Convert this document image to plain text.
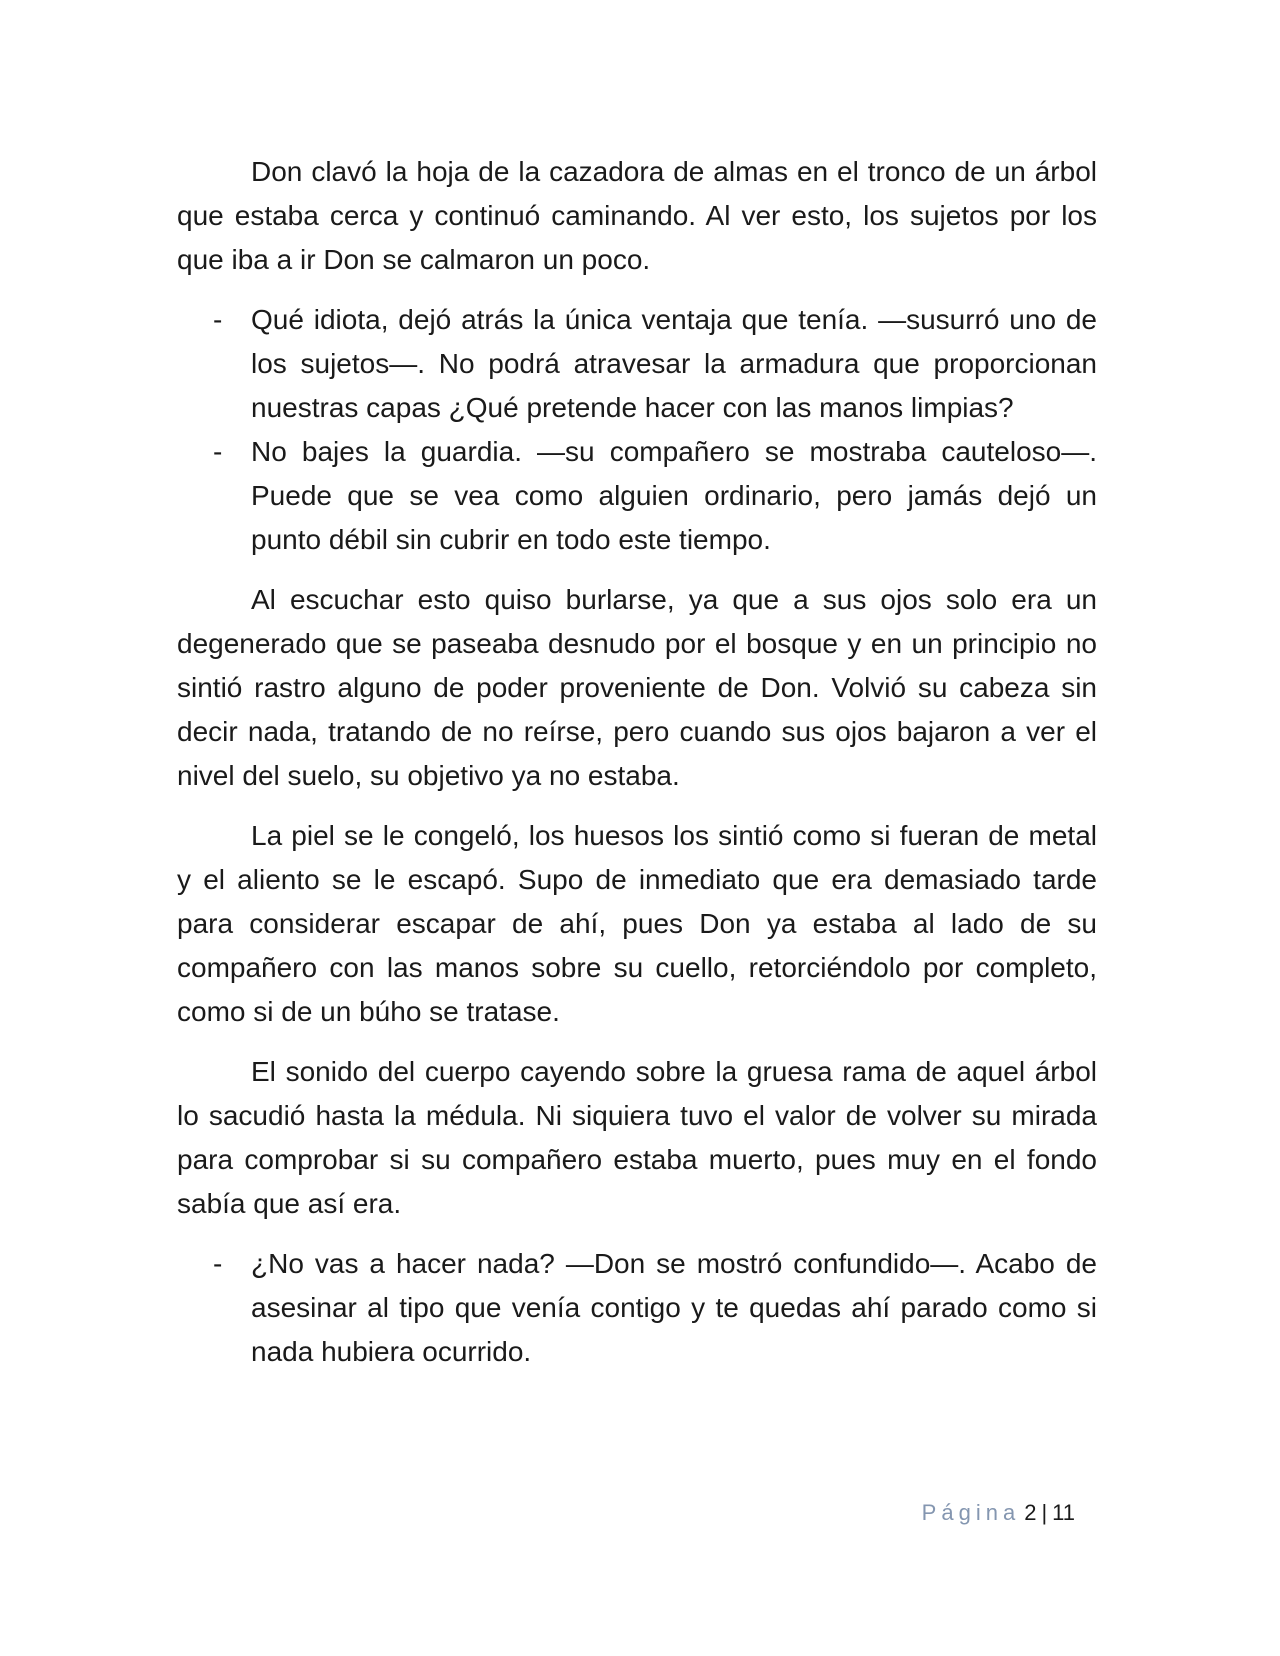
Don clavó la hoja de la cazadora de almas en el tronco de un árbol que estaba cerca y continuó caminando. Al ver esto, los sujetos por los que iba a ir Don se calmaron un poco.

- Qué idiota, dejó atrás la única ventaja que tenía. —susurró uno de los sujetos—. No podrá atravesar la armadura que proporcionan nuestras capas ¿Qué pretende hacer con las manos limpias?
- No bajes la guardia. —su compañero se mostraba cauteloso—. Puede que se vea como alguien ordinario, pero jamás dejó un punto débil sin cubrir en todo este tiempo.

Al escuchar esto quiso burlarse, ya que a sus ojos solo era un degenerado que se paseaba desnudo por el bosque y en un principio no sintió rastro alguno de poder proveniente de Don. Volvió su cabeza sin decir nada, tratando de no reírse, pero cuando sus ojos bajaron a ver el nivel del suelo, su objetivo ya no estaba.

La piel se le congeló, los huesos los sintió como si fueran de metal y el aliento se le escapó. Supo de inmediato que era demasiado tarde para considerar escapar de ahí, pues Don ya estaba al lado de su compañero con las manos sobre su cuello, retorciéndolo por completo, como si de un búho se tratase.

El sonido del cuerpo cayendo sobre la gruesa rama de aquel árbol lo sacudió hasta la médula. Ni siquiera tuvo el valor de volver su mirada para comprobar si su compañero estaba muerto, pues muy en el fondo sabía que así era.

- ¿No vas a hacer nada? —Don se mostró confundido—. Acabo de asesinar al tipo que venía contigo y te quedas ahí parado como si nada hubiera ocurrido.
Página 2 | 11
